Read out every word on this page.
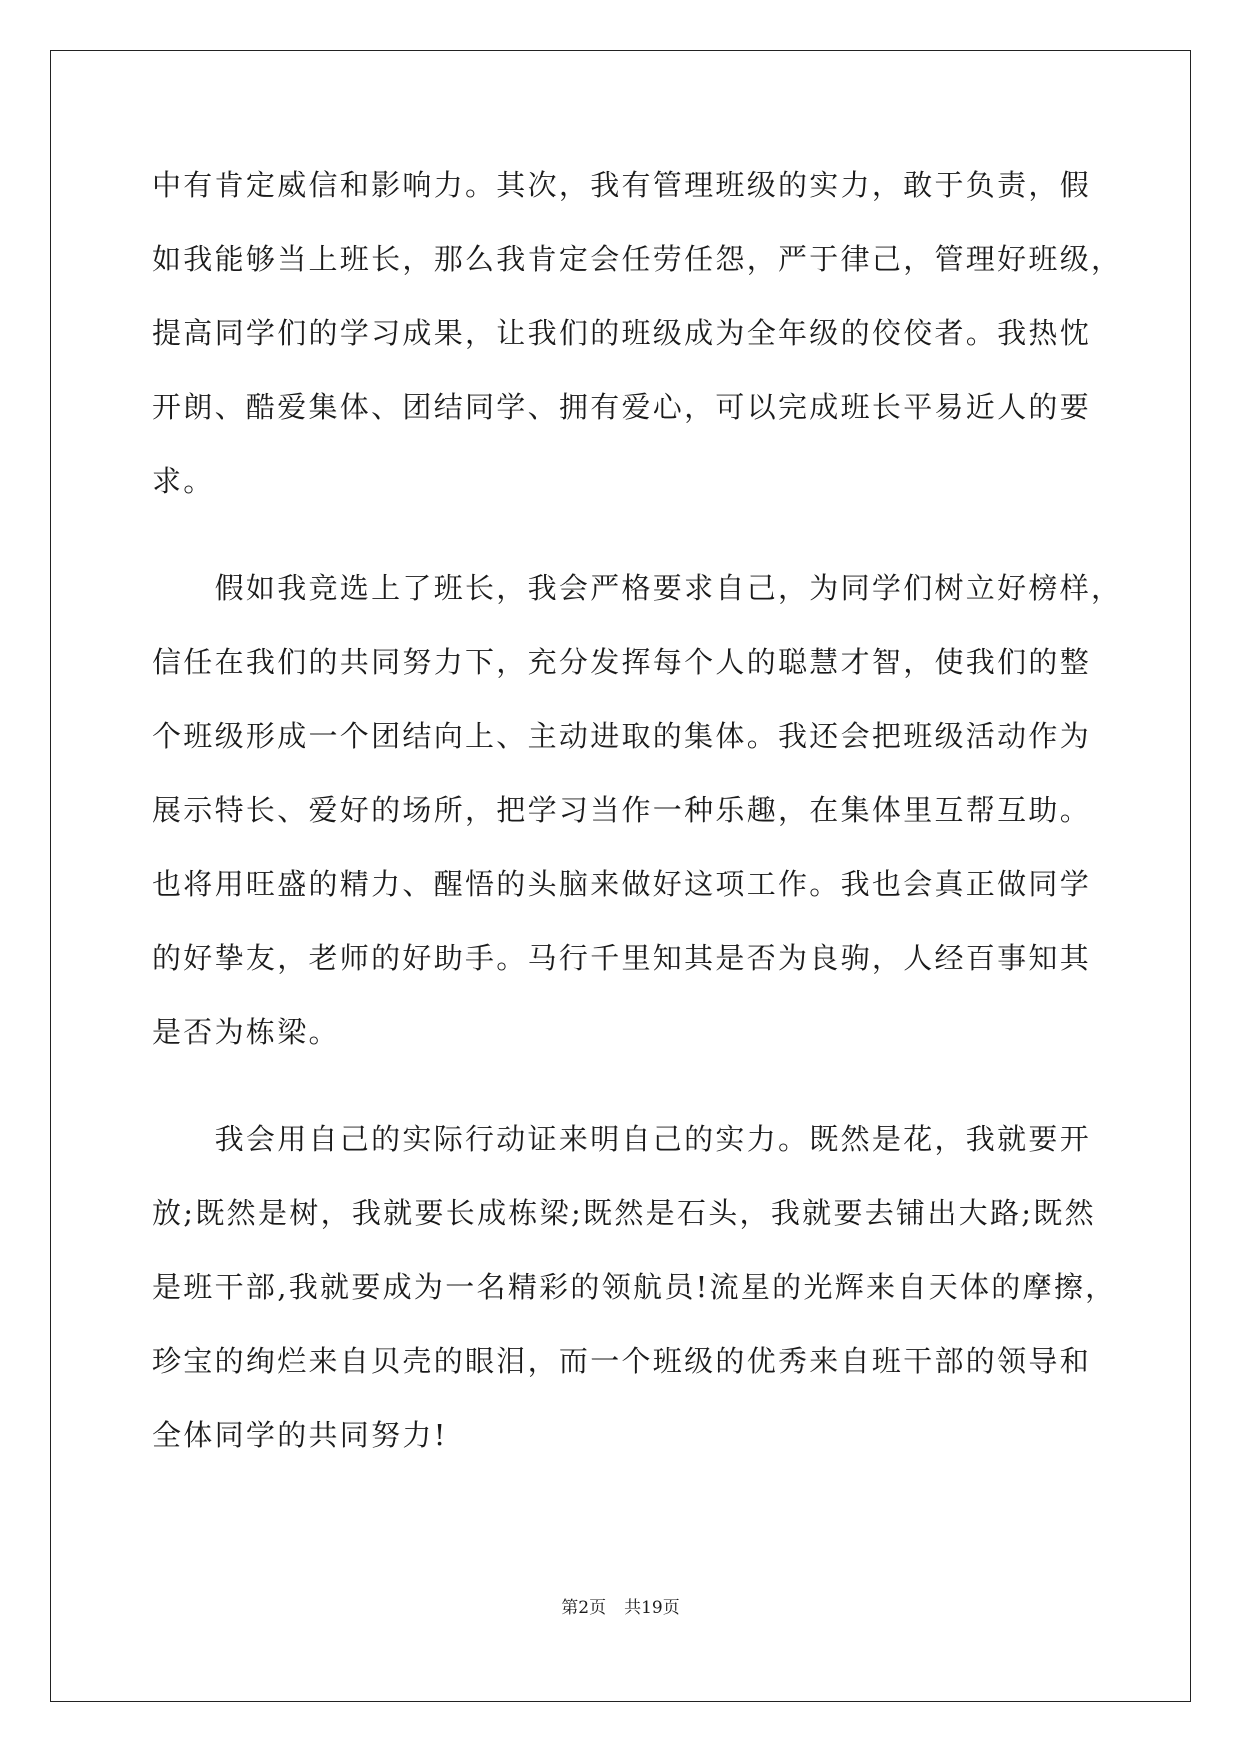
中有肯定威信和影响力。其次，我有管理班级的实力，敢于负责，假
如我能够当上班长，那么我肯定会任劳任怨，严于律己，管理好班级，
提高同学们的学习成果，让我们的班级成为全年级的佼佼者。我热忱
开朗、酷爱集体、团结同学、拥有爱心，可以完成班长平易近人的要
求。
　　假如我竞选上了班长，我会严格要求自己，为同学们树立好榜样，
信任在我们的共同努力下，充分发挥每个人的聪慧才智，使我们的整
个班级形成一个团结向上、主动进取的集体。我还会把班级活动作为
展示特长、爱好的场所，把学习当作一种乐趣，在集体里互帮互助。
也将用旺盛的精力、醒悟的头脑来做好这项工作。我也会真正做同学
的好挚友，老师的好助手。马行千里知其是否为良驹，人经百事知其
是否为栋梁。
　　我会用自己的实际行动证来明自己的实力。既然是花，我就要开
放;既然是树，我就要长成栋梁;既然是石头，我就要去铺出大路;既然
是班干部,我就要成为一名精彩的领航员!流星的光辉来自天体的摩擦，
珍宝的绚烂来自贝壳的眼泪，而一个班级的优秀来自班干部的领导和
全体同学的共同努力!
第2页 共19页
